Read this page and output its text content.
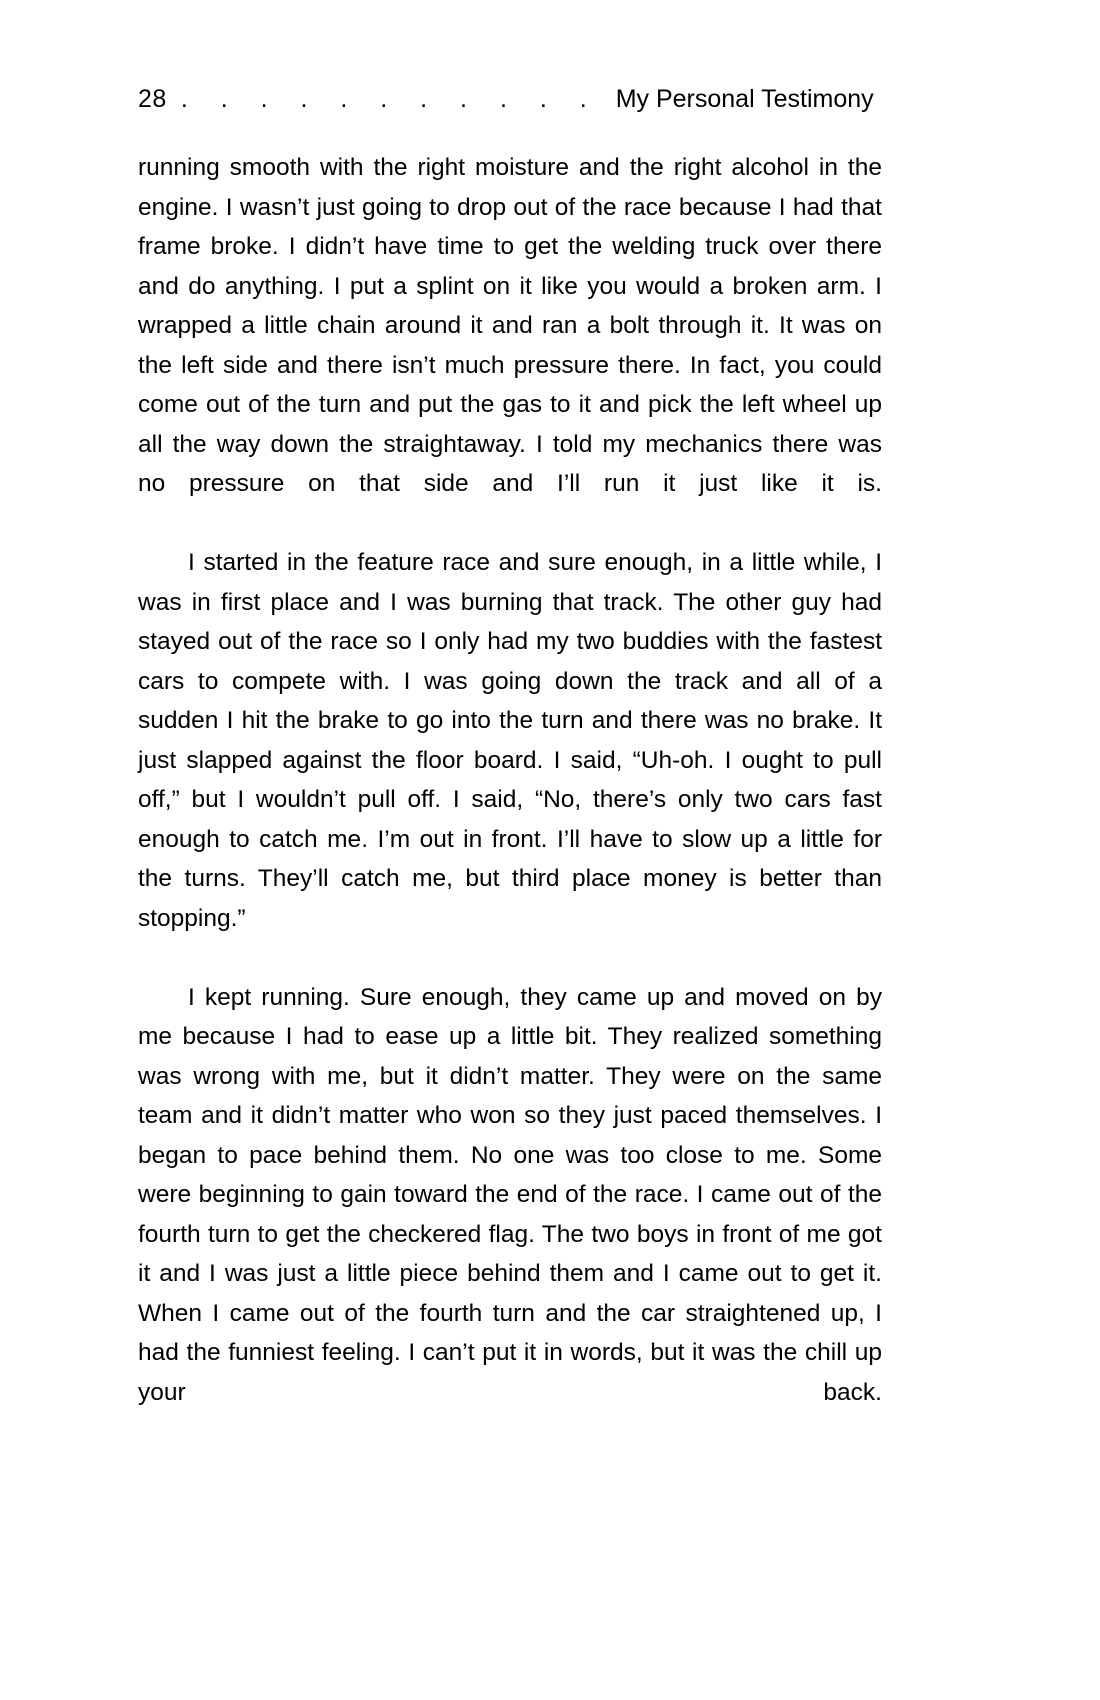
28 . . . . . . . . . . . My Personal Testimony

running smooth with the right moisture and the right alcohol in the engine. I wasn’t just going to drop out of the race because I had that frame broke. I didn’t have time to get the welding truck over there and do anything. I put a splint on it like you would a broken arm. I wrapped a little chain around it and ran a bolt through it. It was on the left side and there isn’t much pressure there. In fact, you could come out of the turn and put the gas to it and pick the left wheel up all the way down the straightaway. I told my mechanics there was no pressure on that side and I’ll run it just like it is.

I started in the feature race and sure enough, in a little while, I was in first place and I was burning that track. The other guy had stayed out of the race so I only had my two buddies with the fastest cars to compete with. I was going down the track and all of a sudden I hit the brake to go into the turn and there was no brake. It just slapped against the floor board. I said, “Uh-oh. I ought to pull off,” but I wouldn’t pull off. I said, “No, there’s only two cars fast enough to catch me. I’m out in front. I’ll have to slow up a little for the turns. They’ll catch me, but third place money is better than stopping.”

I kept running. Sure enough, they came up and moved on by me because I had to ease up a little bit. They realized something was wrong with me, but it didn’t matter. They were on the same team and it didn’t matter who won so they just paced themselves. I began to pace behind them. No one was too close to me. Some were beginning to gain toward the end of the race. I came out of the fourth turn to get the checkered flag. The two boys in front of me got it and I was just a little piece behind them and I came out to get it. When I came out of the fourth turn and the car straightened up, I had the funniest feeling. I can’t put it in words, but it was the chill up your back.
